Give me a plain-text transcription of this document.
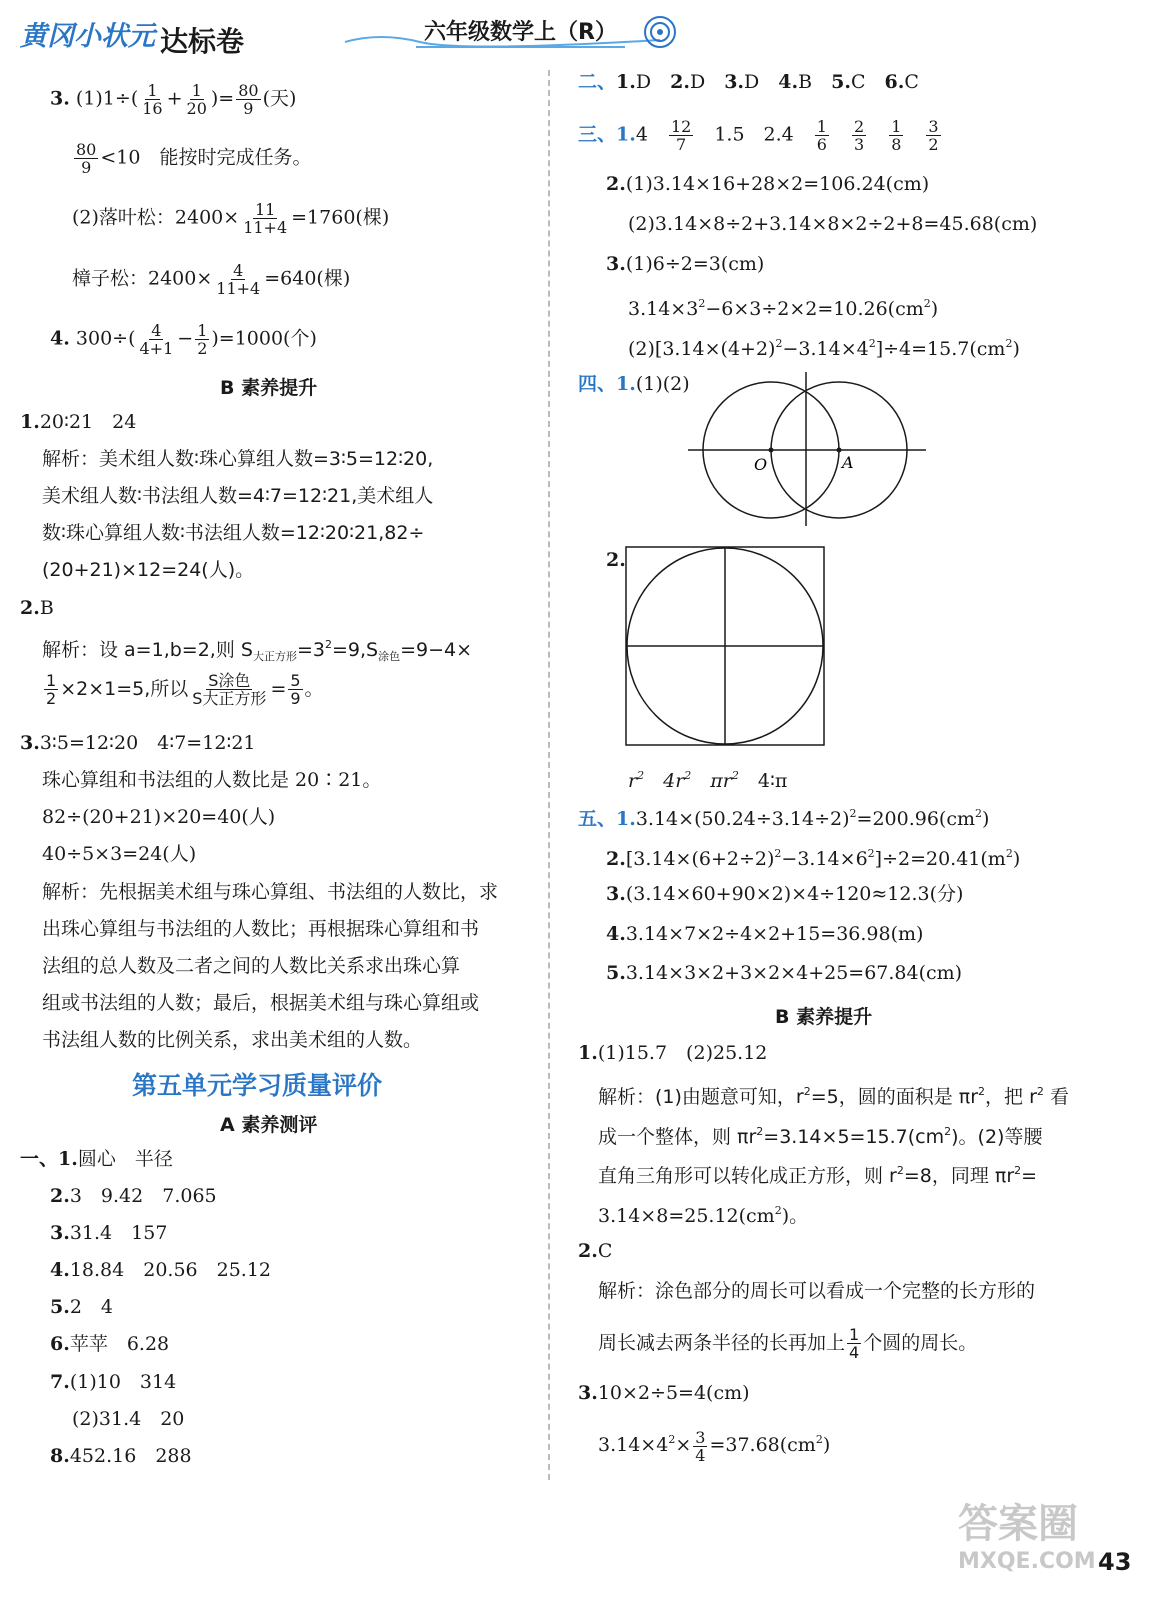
黄冈小状元 达标卷	六年级数学上（R）
3. $(1)1\div( \frac{1}{16} + \frac{1}{20}$ )= $\frac{80}{9}$ (天)
$\frac{80}{9} <10$　能按时完成任务。
(2)落叶松：$2400\times \frac{11}{11+4} =1760$(棵)
樟子松：$2400\times \frac{4}{11+4} =640$(棵)
4. $300\div( \frac{4}{4+1} - \frac{1}{2} )=1000$(个)
B 素养提升
1.20∶21　24
解析：美术组人数∶珠心算组人数=3∶5=12∶20,
美术组人数∶书法组人数=4∶7=12∶21,美术组人
数∶珠心算组人数∶书法组人数=12∶20∶21,82÷
(20+21)×12=24(人)。
2.B
解析：设 a=1,b=2,则 $S_{大正方形}=3^2=9,S_{涂色}=9-4\times$
$\frac{1}{2} \times 2\times 1=5$,所以 $\frac{\text{S涂色}}{\text{S大正方形}} = \frac{5}{9}$ 。
3.3∶5=12∶20　4∶7=12∶21
珠心算组和书法组的人数比是 20∶21。
82÷(20+21)×20=40(人)
40÷5×3=24(人)
解析：先根据美术组与珠心算组、书法组的人数比，求
出珠心算组与书法组的人数比；再根据珠心算组和书
法组的总人数及二者之间的人数比关系求出珠心算
组或书法组的人数；最后，根据美术组与珠心算组或
书法组人数的比例关系，求出美术组的人数。
第五单元学习质量评价
A 素养测评
一、1.圆心　半径
2.3　9.42　7.065
3.31.4　157
4.18.84　20.56　25.12
5.2　4
6.苹苹　6.28
7.(1)10　314
(2)31.4　20
8.452.16　288
二、1.D　 2.D　 3.D　 4.B　 5.C　 6.C
三、1.4　 $\frac{12}{7}$
　 1.5　2.4　 $\frac{1}{6}$
　 $\frac{2}{3}$
　 $\frac{1}{8}$
　 $\frac{3}{2}$
2.(1)3.14×16+28×2=106.24(cm)
(2)3.14×8÷2+3.14×8×2÷2+8=45.68(cm)
3.(1)6÷2=3(cm)
$3.14\times 3^2-6\times 3\div 2\times 2=10.26(cm^2)$
$(2)[3.14\times(4+2)^2-3.14\times 4^2]\div 4=15.7(cm^2)$
四、1.(1)(2)
O	A
2.
$r^2$　 $4r^2$　 $\pi r^2$　 4∶π
五、$1.3.14\times(50.24\div 3.14\div 2)^2=200.96(cm^2)$
$2.[3.14\times(6+2\div 2)^2-3.14\times 6^2]\div 2=20.41(m^2)$
3.(3.14×60+90×2)×4÷120≈12.3(分)
4.3.14×7×2÷4×2+15=36.98(m)
5.3.14×3×2+3×2×4+25=67.84(cm)
B 素养提升
1.(1)15.7　(2)25.12
解析：(1)由题意可知，$r^2=5$，圆的面积是 $\pi r^2$，把 $r^2$ 看
成一个整体，则 $\pi r^2=3.14\times 5=15.7(cm^2)$。(2)等腰
直角三角形可以转化成正方形，则 $r^2=8$，同理 $\pi r^2=$
$3.14\times 8=25.12(cm^2)$。
2.C
解析：涂色部分的周长可以看成一个完整的长方形的
周长减去两条半径的长再加上 $\frac{1}{4}$ 个圆的周长。
3.10×2÷5=4(cm)
$3.14\times 4^2\times \frac{3}{4} =37.68(cm^2)$
答案圈
MXQE.COM 43
